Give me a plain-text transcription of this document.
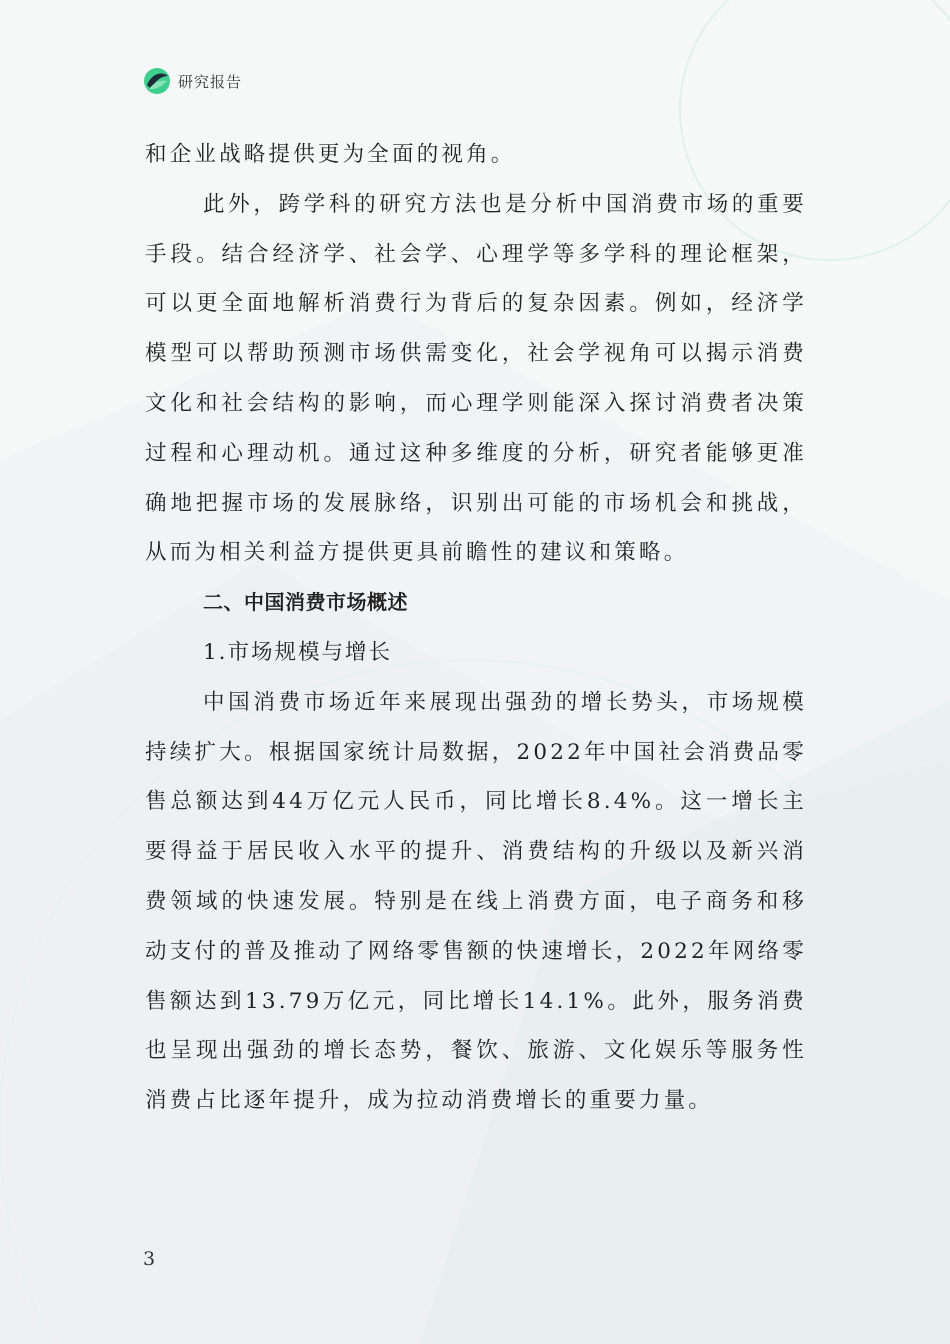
研究报告

和企业战略提供更为全面的视角。

此外，跨学科的研究方法也是分析中国消费市场的重要手段。结合经济学、社会学、心理学等多学科的理论框架，可以更全面地解析消费行为背后的复杂因素。例如，经济学模型可以帮助预测市场供需变化，社会学视角可以揭示消费文化和社会结构的影响，而心理学则能深入探讨消费者决策过程和心理动机。通过这种多维度的分析，研究者能够更准确地把握市场的发展脉络，识别出可能的市场机会和挑战，从而为相关利益方提供更具前瞻性的建议和策略。

二、中国消费市场概述
1.市场规模与增长

中国消费市场近年来展现出强劲的增长势头，市场规模持续扩大。根据国家统计局数据，2022年中国社会消费品零售总额达到44万亿元人民币，同比增长8.4%。这一增长主要得益于居民收入水平的提升、消费结构的升级以及新兴消费领域的快速发展。特别是在线上消费方面，电子商务和移动支付的普及推动了网络零售额的快速增长，2022年网络零售额达到13.79万亿元，同比增长14.1%。此外，服务消费也呈现出强劲的增长态势，餐饮、旅游、文化娱乐等服务性消费占比逐年提升，成为拉动消费增长的重要力量。

3
